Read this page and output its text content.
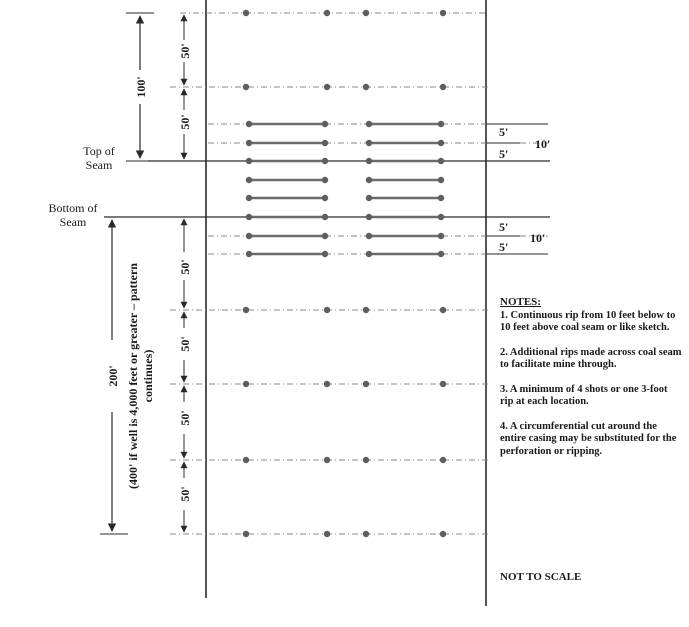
100'
50'
50'
200' (400' if well is 4,000 feet or greater – pattern continues)
50'
50'
50'
50'
5'
5'
10'
5'
5'
10'
Top of
Seam
Bottom of
Seam
NOTES:
1. Continuous rip from 10 feet below to 10 feet above coal seam or like sketch.
2. Additional rips made across coal seam to facilitate mine through.
3. A minimum of 4 shots or one 3-foot rip at each location.
4. A circumferential cut around the entire casing may be substituted for the perforation or ripping.
NOT TO SCALE
